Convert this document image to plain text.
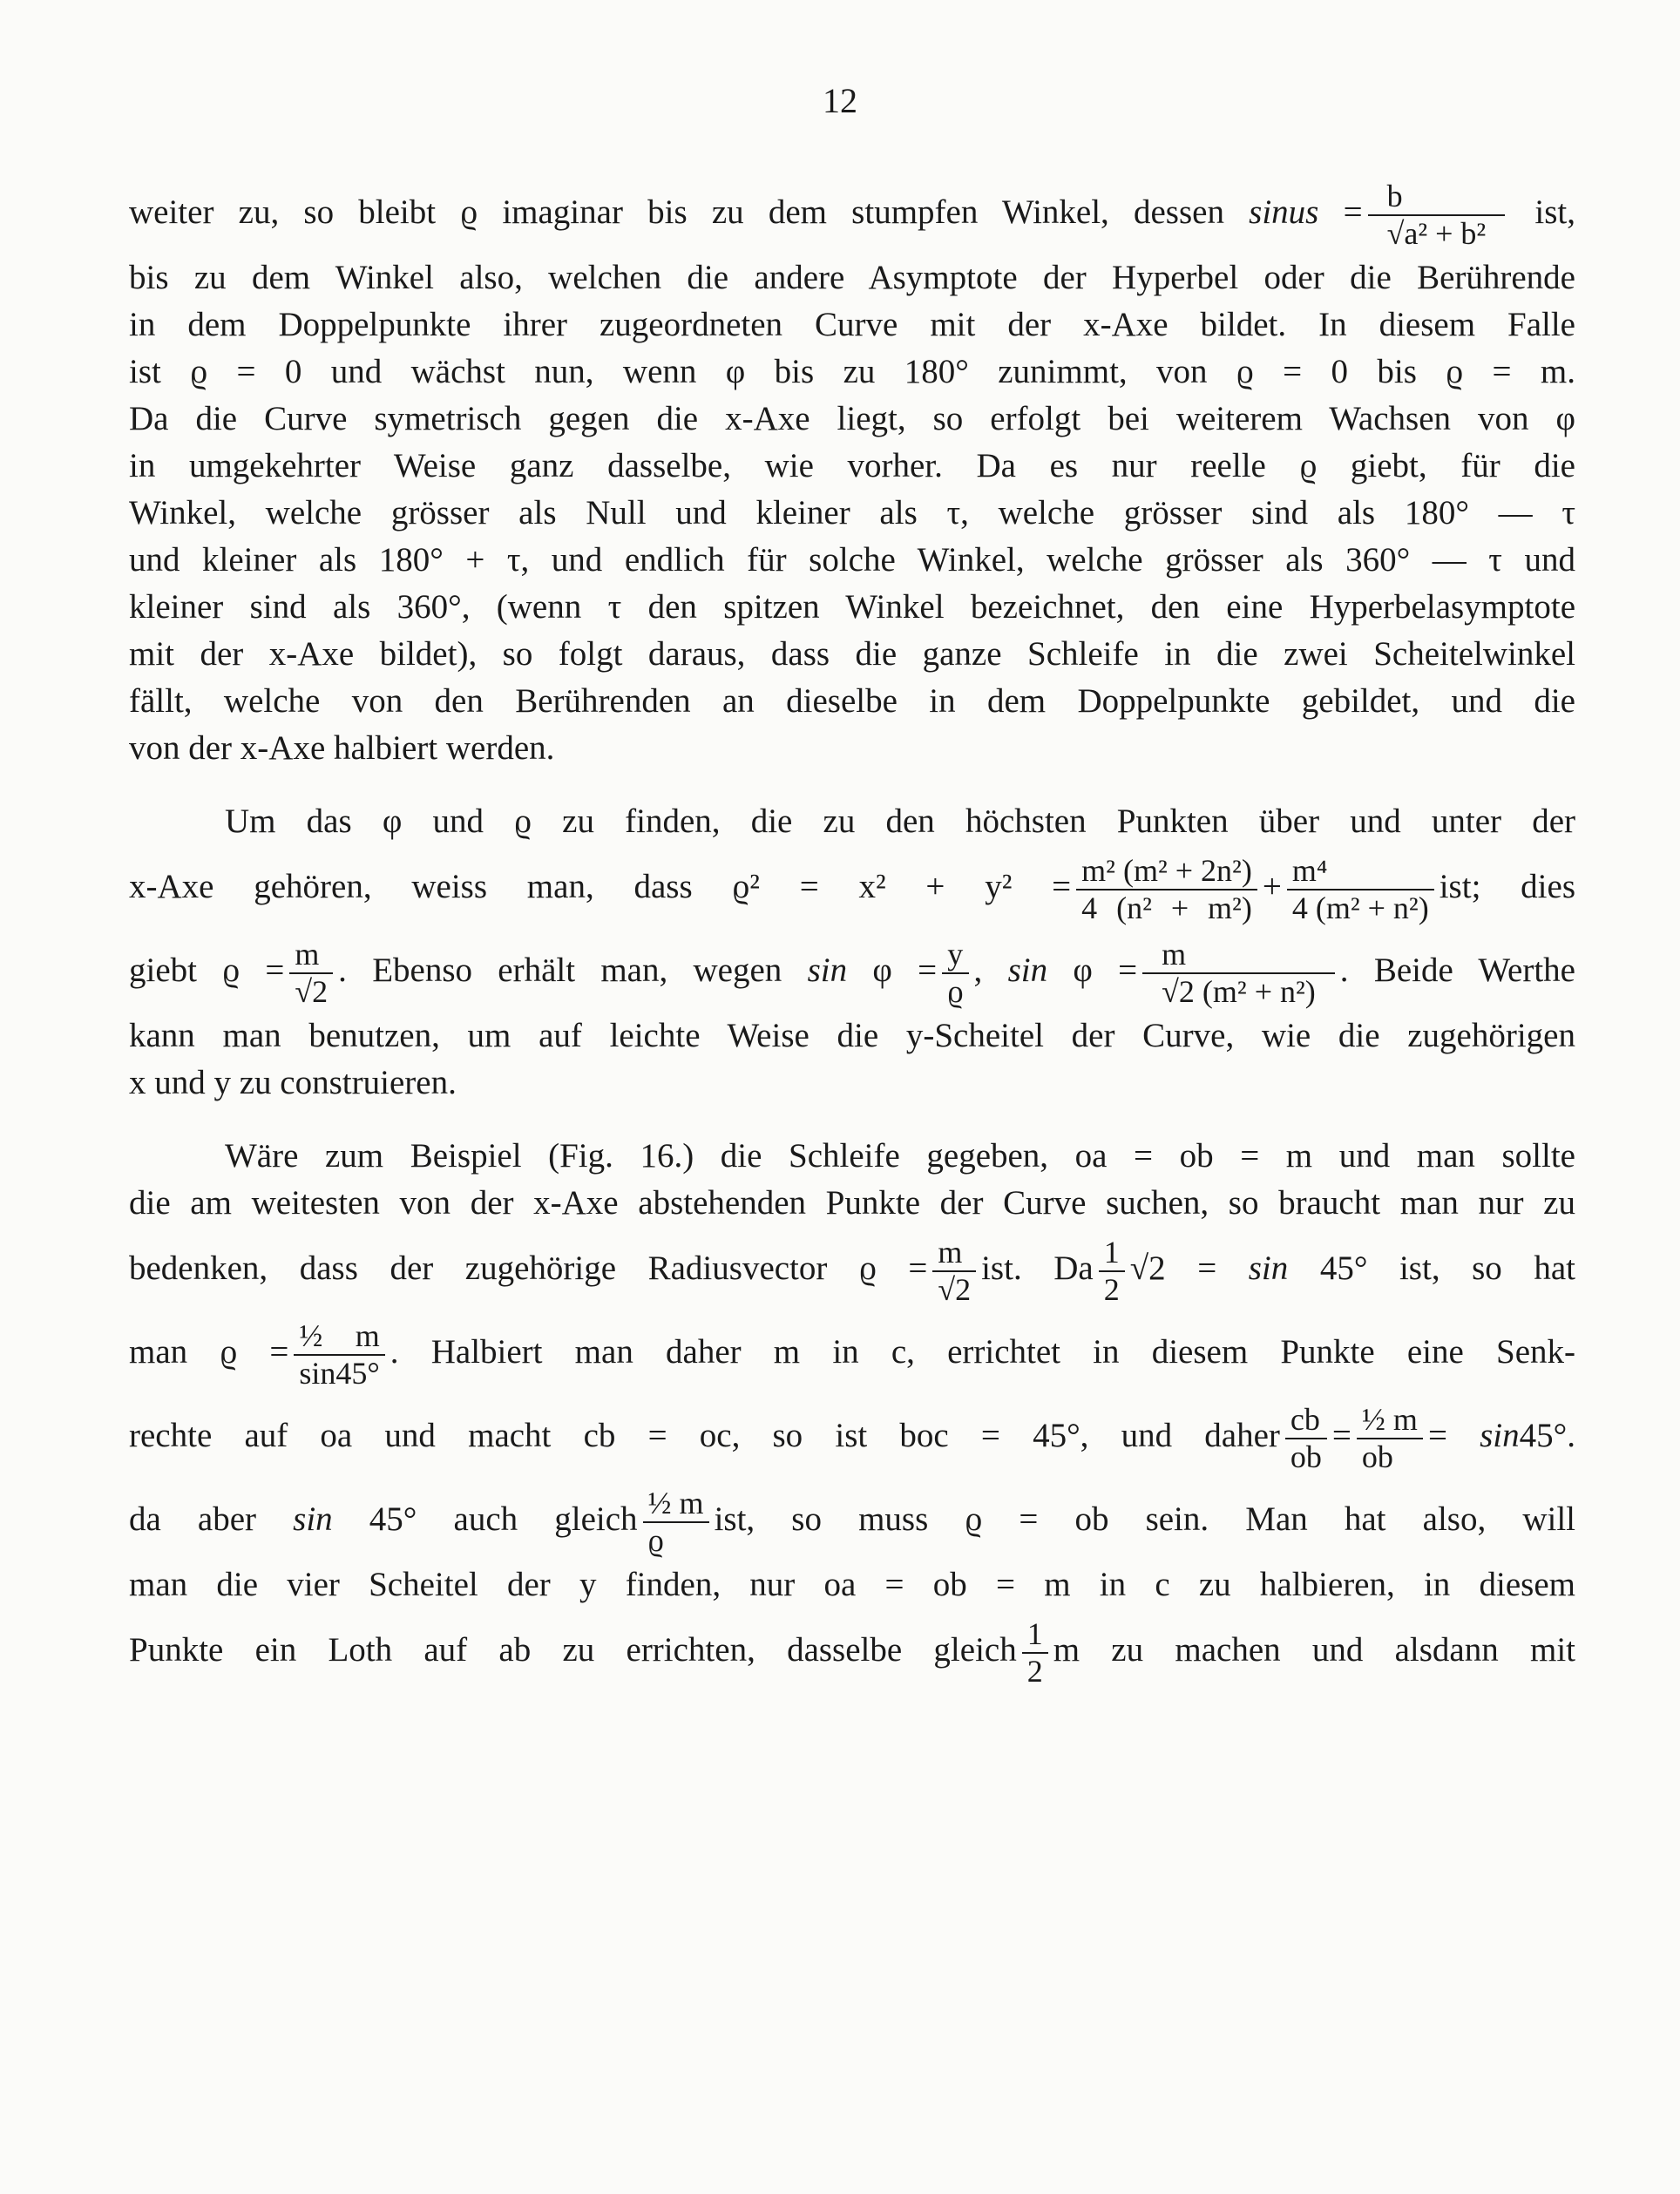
12
weiter zu, so bleibt ϱ imaginar bis zu dem stumpfen Winkel, dessen sinus = $\frac{b}{\text{√a² + b²}}$ ist,
bis zu dem Winkel also, welchen die andere Asymptote der Hyperbel oder die Berührende
in dem Doppelpunkte ihrer zugeordneten Curve mit der x-Axe bildet. In diesem Falle
ist ϱ = 0 und wächst nun, wenn φ bis zu 180° zunimmt, von ϱ = 0 bis ϱ = m.
Da die Curve symetrisch gegen die x-Axe liegt, so erfolgt bei weiterem Wachsen von φ
in umgekehrter Weise ganz dasselbe, wie vorher. Da es nur reelle ϱ giebt, für die
Winkel, welche grösser als Null und kleiner als τ, welche grösser sind als 180° — τ
und kleiner als 180° + τ, und endlich für solche Winkel, welche grösser als 360° — τ und
kleiner sind als 360°, (wenn τ den spitzen Winkel bezeichnet, den eine Hyperbelasymptote
mit der x-Axe bildet), so folgt daraus, dass die ganze Schleife in die zwei Scheitelwinkel
fällt, welche von den Berührenden an dieselbe in dem Doppelpunkte gebildet, und die
von der x-Axe halbiert werden.
Um das φ und ϱ zu finden, die zu den höchsten Punkten über und unter der
x-Axe gehören, weiss man, dass $ϱ^2 = x^2 + y^2 = \frac{\text{m² (m² + 2n²)}}{\text{4 (n² + m²)}} + \frac{\text{m⁴}}{\text{4 (m² + n²)}}$ ist; dies
giebt $ϱ = \frac{m}{√2}$ . Ebenso erhält man, wegen $\sin \varphi = \frac{y}{ϱ}$ , $\sin \varphi = \frac{m}{\text{√2 (m² + n²)}}$ . Beide Werthe
kann man benutzen, um auf leichte Weise die y-Scheitel der Curve, wie die zugehörigen
x und y zu construieren.
Wäre zum Beispiel (Fig. 16.) die Schleife gegeben, oa = ob = m und man sollte
die am weitesten von der x-Axe abstehenden Punkte der Curve suchen, so braucht man nur zu
bedenken, dass der zugehörige Radiusvector $ϱ = \frac{m}{√2}$ ist. Da $\frac{1}{2} √2 = \sin 45^\circ$ ist, so hat
man $ϱ = \frac{\text{½ m}}{\sin 45^\circ}$ . Halbiert man daher m in c, errichtet in diesem Punkte eine Senk-
rechte auf oa und macht cb = oc, so ist boc = 45°, und daher $\frac{cb}{ob} = \frac{\text{½ m}}{ob} = \sin 45^\circ$.
da aber sin 45° auch gleich $\frac{\text{½ m}}{ϱ}$ ist, so muss ϱ = ob sein. Man hat also, will
man die vier Scheitel der y finden, nur oa = ob = m in c zu halbieren, in diesem
Punkte ein Loth auf ab zu errichten, dasselbe gleich $\frac{1}{2}$ m zu machen und alsdann mit
